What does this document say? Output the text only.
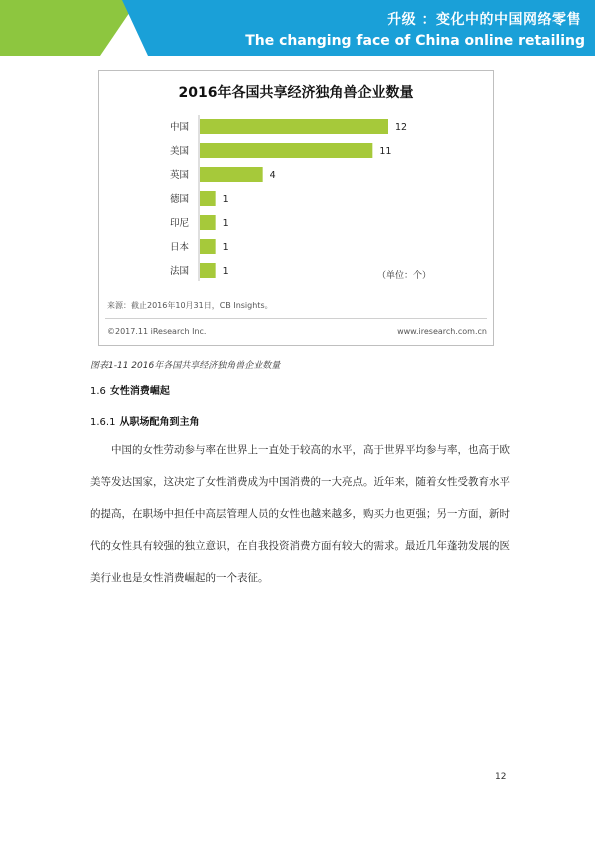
升级 ：变化中的中国网络零售
The changing face of China online retailing
2016年各国共享经济独角兽企业数量
中国	12
美国	11
英国	4
德国	1
印尼	1
日本	1
法国	1	（单位：个）
来源：截止2016年10月31日，CB Insights。
©2017.11 iResearch Inc.	www.iresearch.com.cn
图表1-11 2016年各国共享经济独角兽企业数量
1.6 女性消费崛起
1.6.1 从职场配角到主角
中国的女性劳动参与率在世界上一直处于较高的水平，高于世界平均参与率，也高于欧
美等发达国家，这决定了女性消费成为中国消费的一大亮点。近年来，随着女性受教育水平
的提高，在职场中担任中高层管理人员的女性也越来越多，购买力也更强；另一方面，新时
代的女性具有较强的独立意识，在自我投资消费方面有较大的需求。最近几年蓬勃发展的医
美行业也是女性消费崛起的一个表征。
12
